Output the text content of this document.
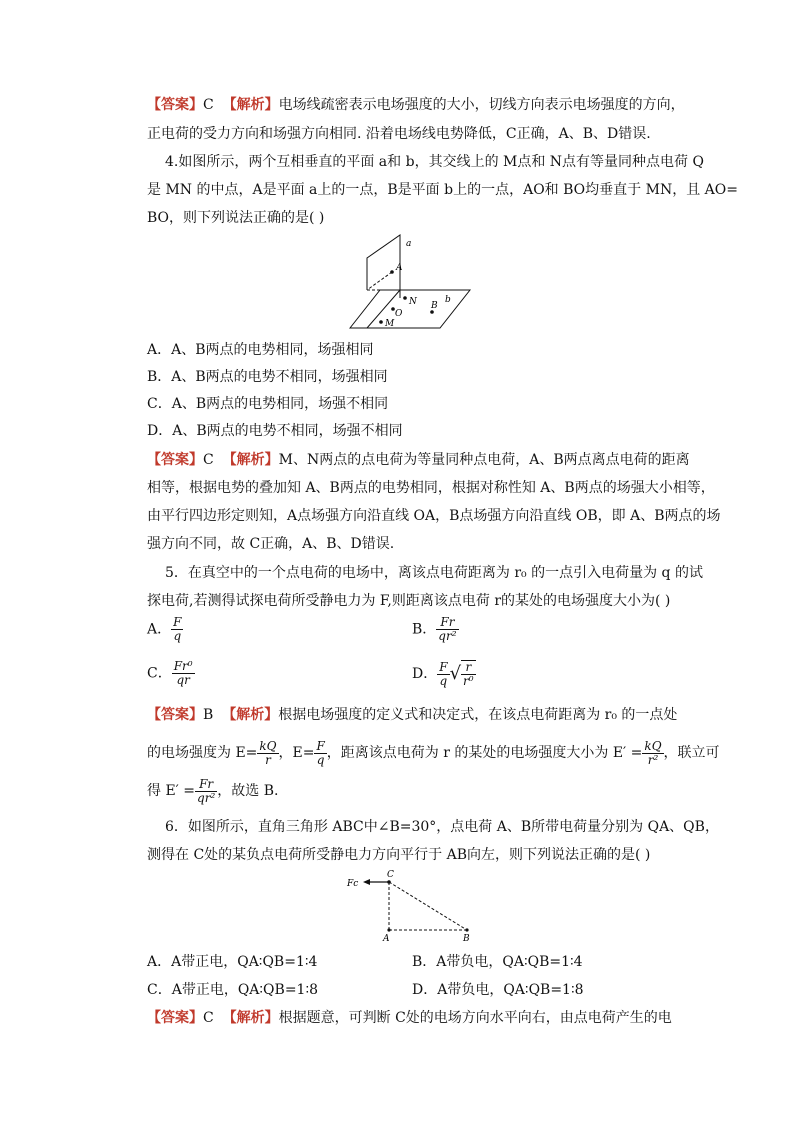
【答案】C 【解析】电场线疏密表示电场强度的大小，切线方向表示电场强度的方向，
正电荷的受力方向和场强方向相同. 沿着电场线电势降低，C正确，A、B、D错误.
4.如图所示，两个互相垂直的平面 a和 b，其交线上的 M点和 N点有等量同种点电荷 Q
是 MN 的中点，A是平面 a上的一点，B是平面 b上的一点，AO和 BO均垂直于 MN，且 AO=
BO，则下列说法正确的是( )
a
A
N
O
B
b
M
A．A、B两点的电势相同，场强相同
B．A、B两点的电势不相同，场强相同
C．A、B两点的电势相同，场强不相同
D．A、B两点的电势不相同，场强不相同
【答案】C 【解析】M、N两点的点电荷为等量同种点电荷，A、B两点离点电荷的距离
相等，根据电势的叠加知 A、B两点的电势相同，根据对称性知 A、B两点的场强大小相等，
由平行四边形定则知，A点场强方向沿直线 OA，B点场强方向沿直线 OB，即 A、B两点的场
强方向不同，故 C正确，A、B、D错误.
5．在真空中的一个点电荷的电场中，离该点电荷距离为 r₀ 的一点引入电荷量为 q 的试
探电荷,若测得试探电荷所受静电力为 F,则距离该点电荷 r的某处的电场强度大小为( )
A． $\frac{F}{q}$	B． $\frac{Fr}{\text{qr²}}$
C． $\frac{\text{Fr⁰}}{qr}$	D． $\frac{F}{q}$ √ $\frac{r}{\text{r⁰}}$
【答案】B 【解析】根据电场强度的定义式和决定式，在该点电荷距离为 r₀ 的一点处
的电场强度为 $E= \frac{kQ}{r}$ ，$E= \frac{F}{q}$ ，距离该点电荷为 r 的某处的电场强度大小为 $E' = \frac{kQ}{\text{r²}}$ ，联立可
得 $E' = \frac{Fr}{\text{qr²}}$ ，故选 B.
6．如图所示，直角三角形 ABC中∠B=30°，点电荷 A、B所带电荷量分别为 QA、QB，
测得在 C处的某负点电荷所受静电力方向平行于 AB向左，则下列说法正确的是( )
Fc
C
A	B
A．A带正电，QA∶QB=1∶4	B．A带负电，QA∶QB=1∶4
C．A带正电，QA∶QB=1∶8	D．A带负电，QA∶QB=1∶8
【答案】C 【解析】根据题意，可判断 C处的电场方向水平向右，由点电荷产生的电
